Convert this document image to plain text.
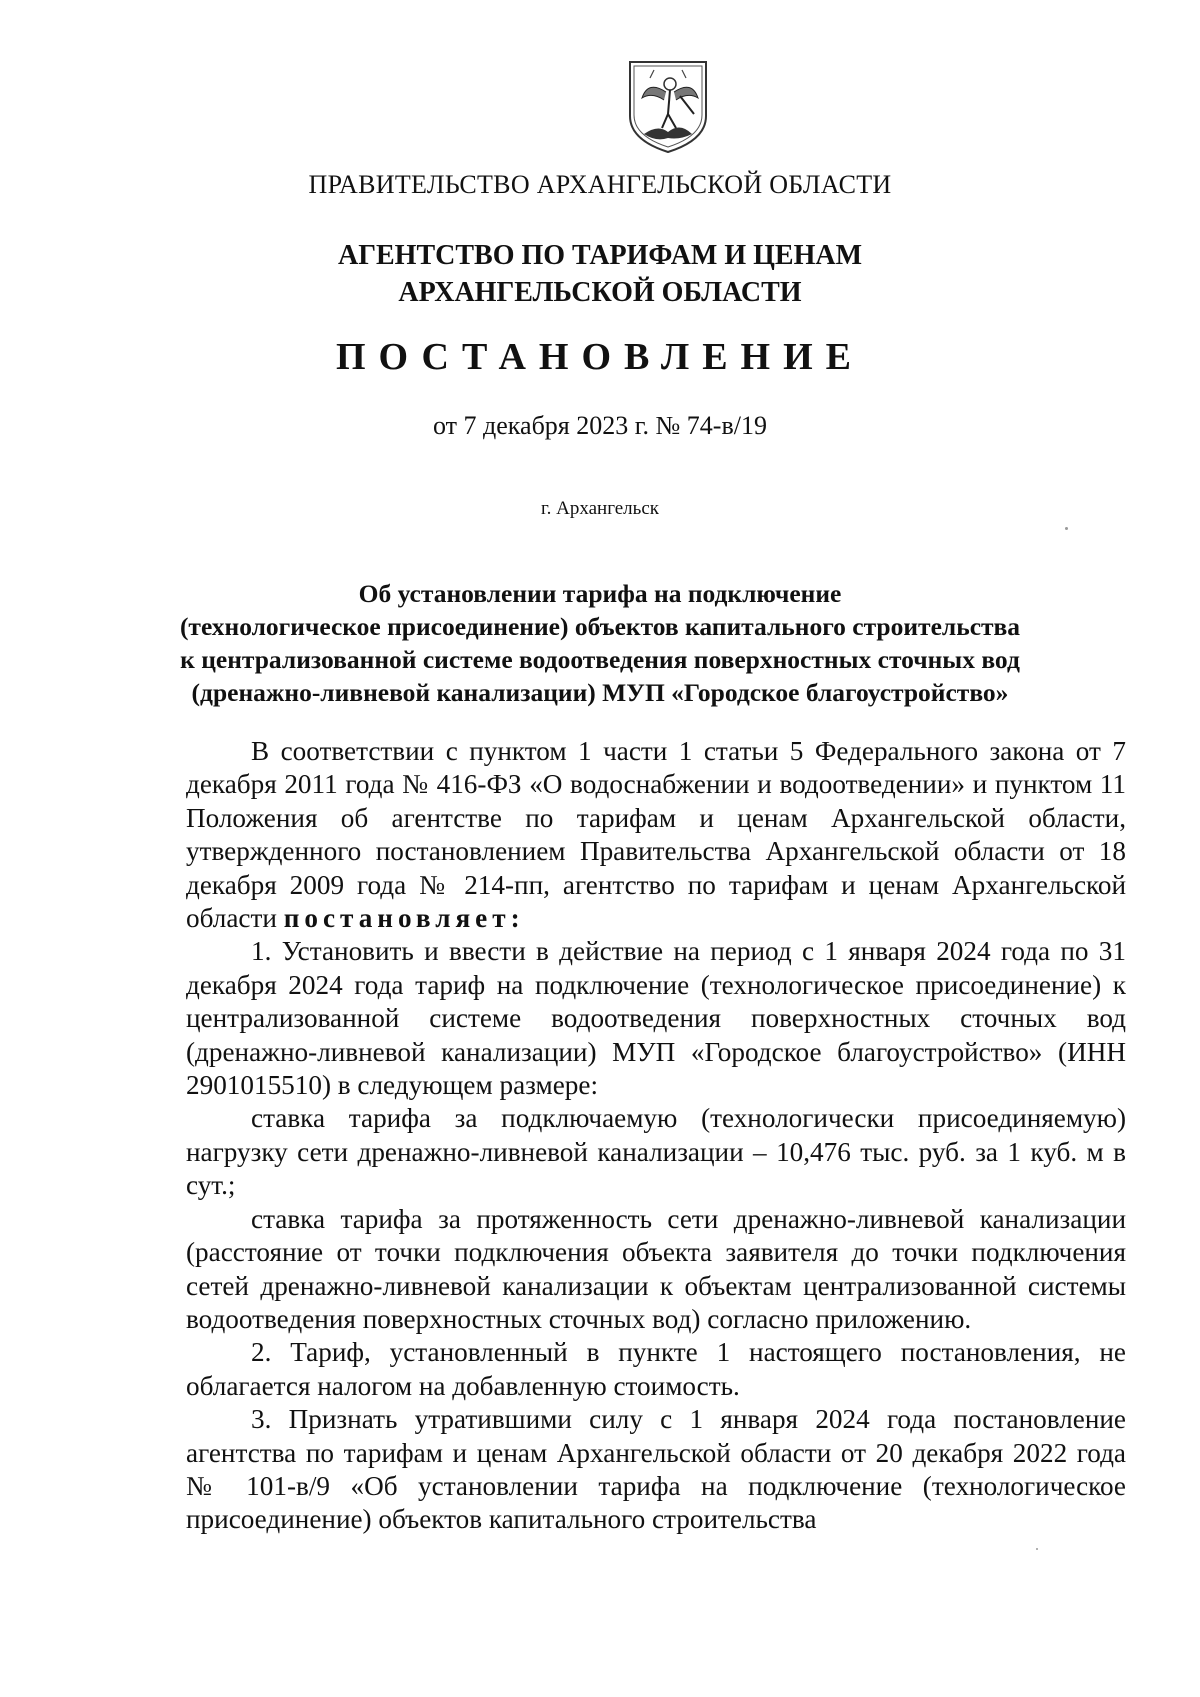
ПРАВИТЕЛЬСТВО АРХАНГЕЛЬСКОЙ ОБЛАСТИ
АГЕНТСТВО ПО ТАРИФАМ И ЦЕНАМ
АРХАНГЕЛЬСКОЙ ОБЛАСТИ
ПОСТАНОВЛЕНИЕ
от 7 декабря 2023 г. № 74-в/19
г. Архангельск
Об установлении тарифа на подключение
(технологическое присоединение) объектов капитального строительства
к централизованной системе водоотведения поверхностных сточных вод
(дренажно-ливневой канализации) МУП «Городское благоустройство»

В соответствии с пунктом 1 части 1 статьи 5 Федерального закона от 7 декабря 2011 года № 416-ФЗ «О водоснабжении и водоотведении» и пунктом 11 Положения об агентстве по тарифам и ценам Архангельской области, утвержденного постановлением Правительства Архангельской области от 18 декабря 2009 года № 214-пп, агентство по тарифам и ценам Архангельской области постановляет:

1. Установить и ввести в действие на период с 1 января 2024 года по 31 декабря 2024 года тариф на подключение (технологическое присоединение) к централизованной системе водоотведения поверхностных сточных вод (дренажно-ливневой канализации) МУП «Городское благоустройство» (ИНН 2901015510) в следующем размере:

ставка тарифа за подключаемую (технологически присоединяемую) нагрузку сети дренажно-ливневой канализации – 10,476 тыс. руб. за 1 куб. м в сут.;

ставка тарифа за протяженность сети дренажно-ливневой канализации (расстояние от точки подключения объекта заявителя до точки подключения сетей дренажно-ливневой канализации к объектам централизованной системы водоотведения поверхностных сточных вод) согласно приложению.

2. Тариф, установленный в пункте 1 настоящего постановления, не облагается налогом на добавленную стоимость.

3. Признать утратившими силу с 1 января 2024 года постановление агентства по тарифам и ценам Архангельской области от 20 декабря 2022 года № 101-в/9 «Об установлении тарифа на подключение (технологическое присоединение) объектов капитального строительства
